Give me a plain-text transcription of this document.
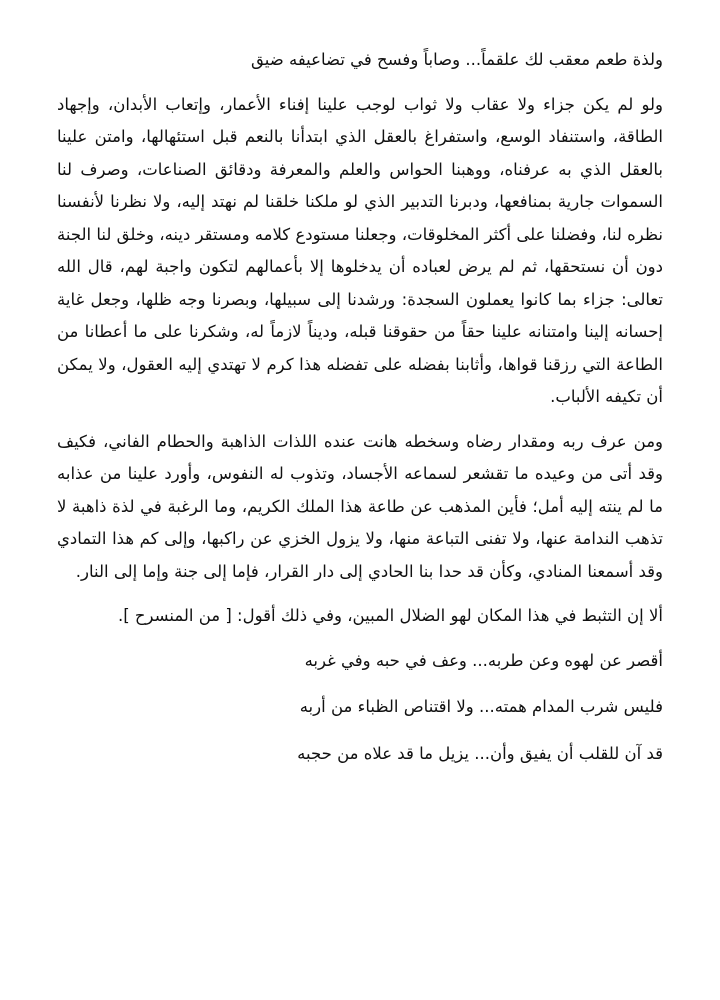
ولذة طعم معقب لك علقماً... وصاباً وفسح في تضاعيفه ضيق

ولو لم يكن جزاء ولا عقاب ولا ثواب لوجب علينا إفناء الأعمار، وإتعاب الأبدان، وإجهاد الطاقة، واستنفاد الوسع، واستفراغ بالعقل الذي ابتدأنا بالنعم قبل استئهالها، وامتن علينا بالعقل الذي به عرفناه، ووهبنا الحواس والعلم والمعرفة ودقائق الصناعات، وصرف لنا السموات جارية بمنافعها، ودبرنا التدبير الذي لو ملكنا خلقنا لم نهتد إليه، ولا نظرنا لأنفسنا نظره لنا، وفضلنا على أكثر المخلوقات، وجعلنا مستودع كلامه ومستقر دينه، وخلق لنا الجنة دون أن نستحقها، ثم لم يرض لعباده أن يدخلوها إلا بأعمالهم لتكون واجبة لهم، قال الله تعالى: جزاء بما كانوا يعملون السجدة: ورشدنا إلى سبيلها، وبصرنا وجه ظلها، وجعل غاية إحسانه إلينا وامتنانه علينا حقاً من حقوقنا قبله، وديناً لازماً له، وشكرنا على ما أعطانا من الطاعة التي رزقنا قواها، وأثابنا بفضله على تفضله هذا كرم لا تهتدي إليه العقول، ولا يمكن أن تكيفه الألباب.

ومن عرف ربه ومقدار رضاه وسخطه هانت عنده اللذات الذاهبة والحطام الفاني، فكيف وقد أتى من وعيده ما تقشعر لسماعه الأجساد، وتذوب له النفوس، وأورد علينا من عذابه ما لم ينته إليه أمل؛ فأين المذهب عن طاعة هذا الملك الكريم، وما الرغبة في لذة ذاهبة لا تذهب الندامة عنها، ولا تفنى التباعة منها، ولا يزول الخزي عن راكبها، وإلى كم هذا التمادي وقد أسمعنا المنادي، وكأن قد حدا بنا الحادي إلى دار القرار، فإما إلى جنة وإما إلى النار.

ألا إن التثبط في هذا المكان لهو الضلال المبين، وفي ذلك أقول: [ من المنسرح ].

أقصر عن لهوه وعن طربه... وعف في حبه وفي غربه

فليس شرب المدام همته... ولا اقتناص الظباء من أربه

قد آن للقلب أن يفيق وأن... يزيل ما قد علاه من حجبه
